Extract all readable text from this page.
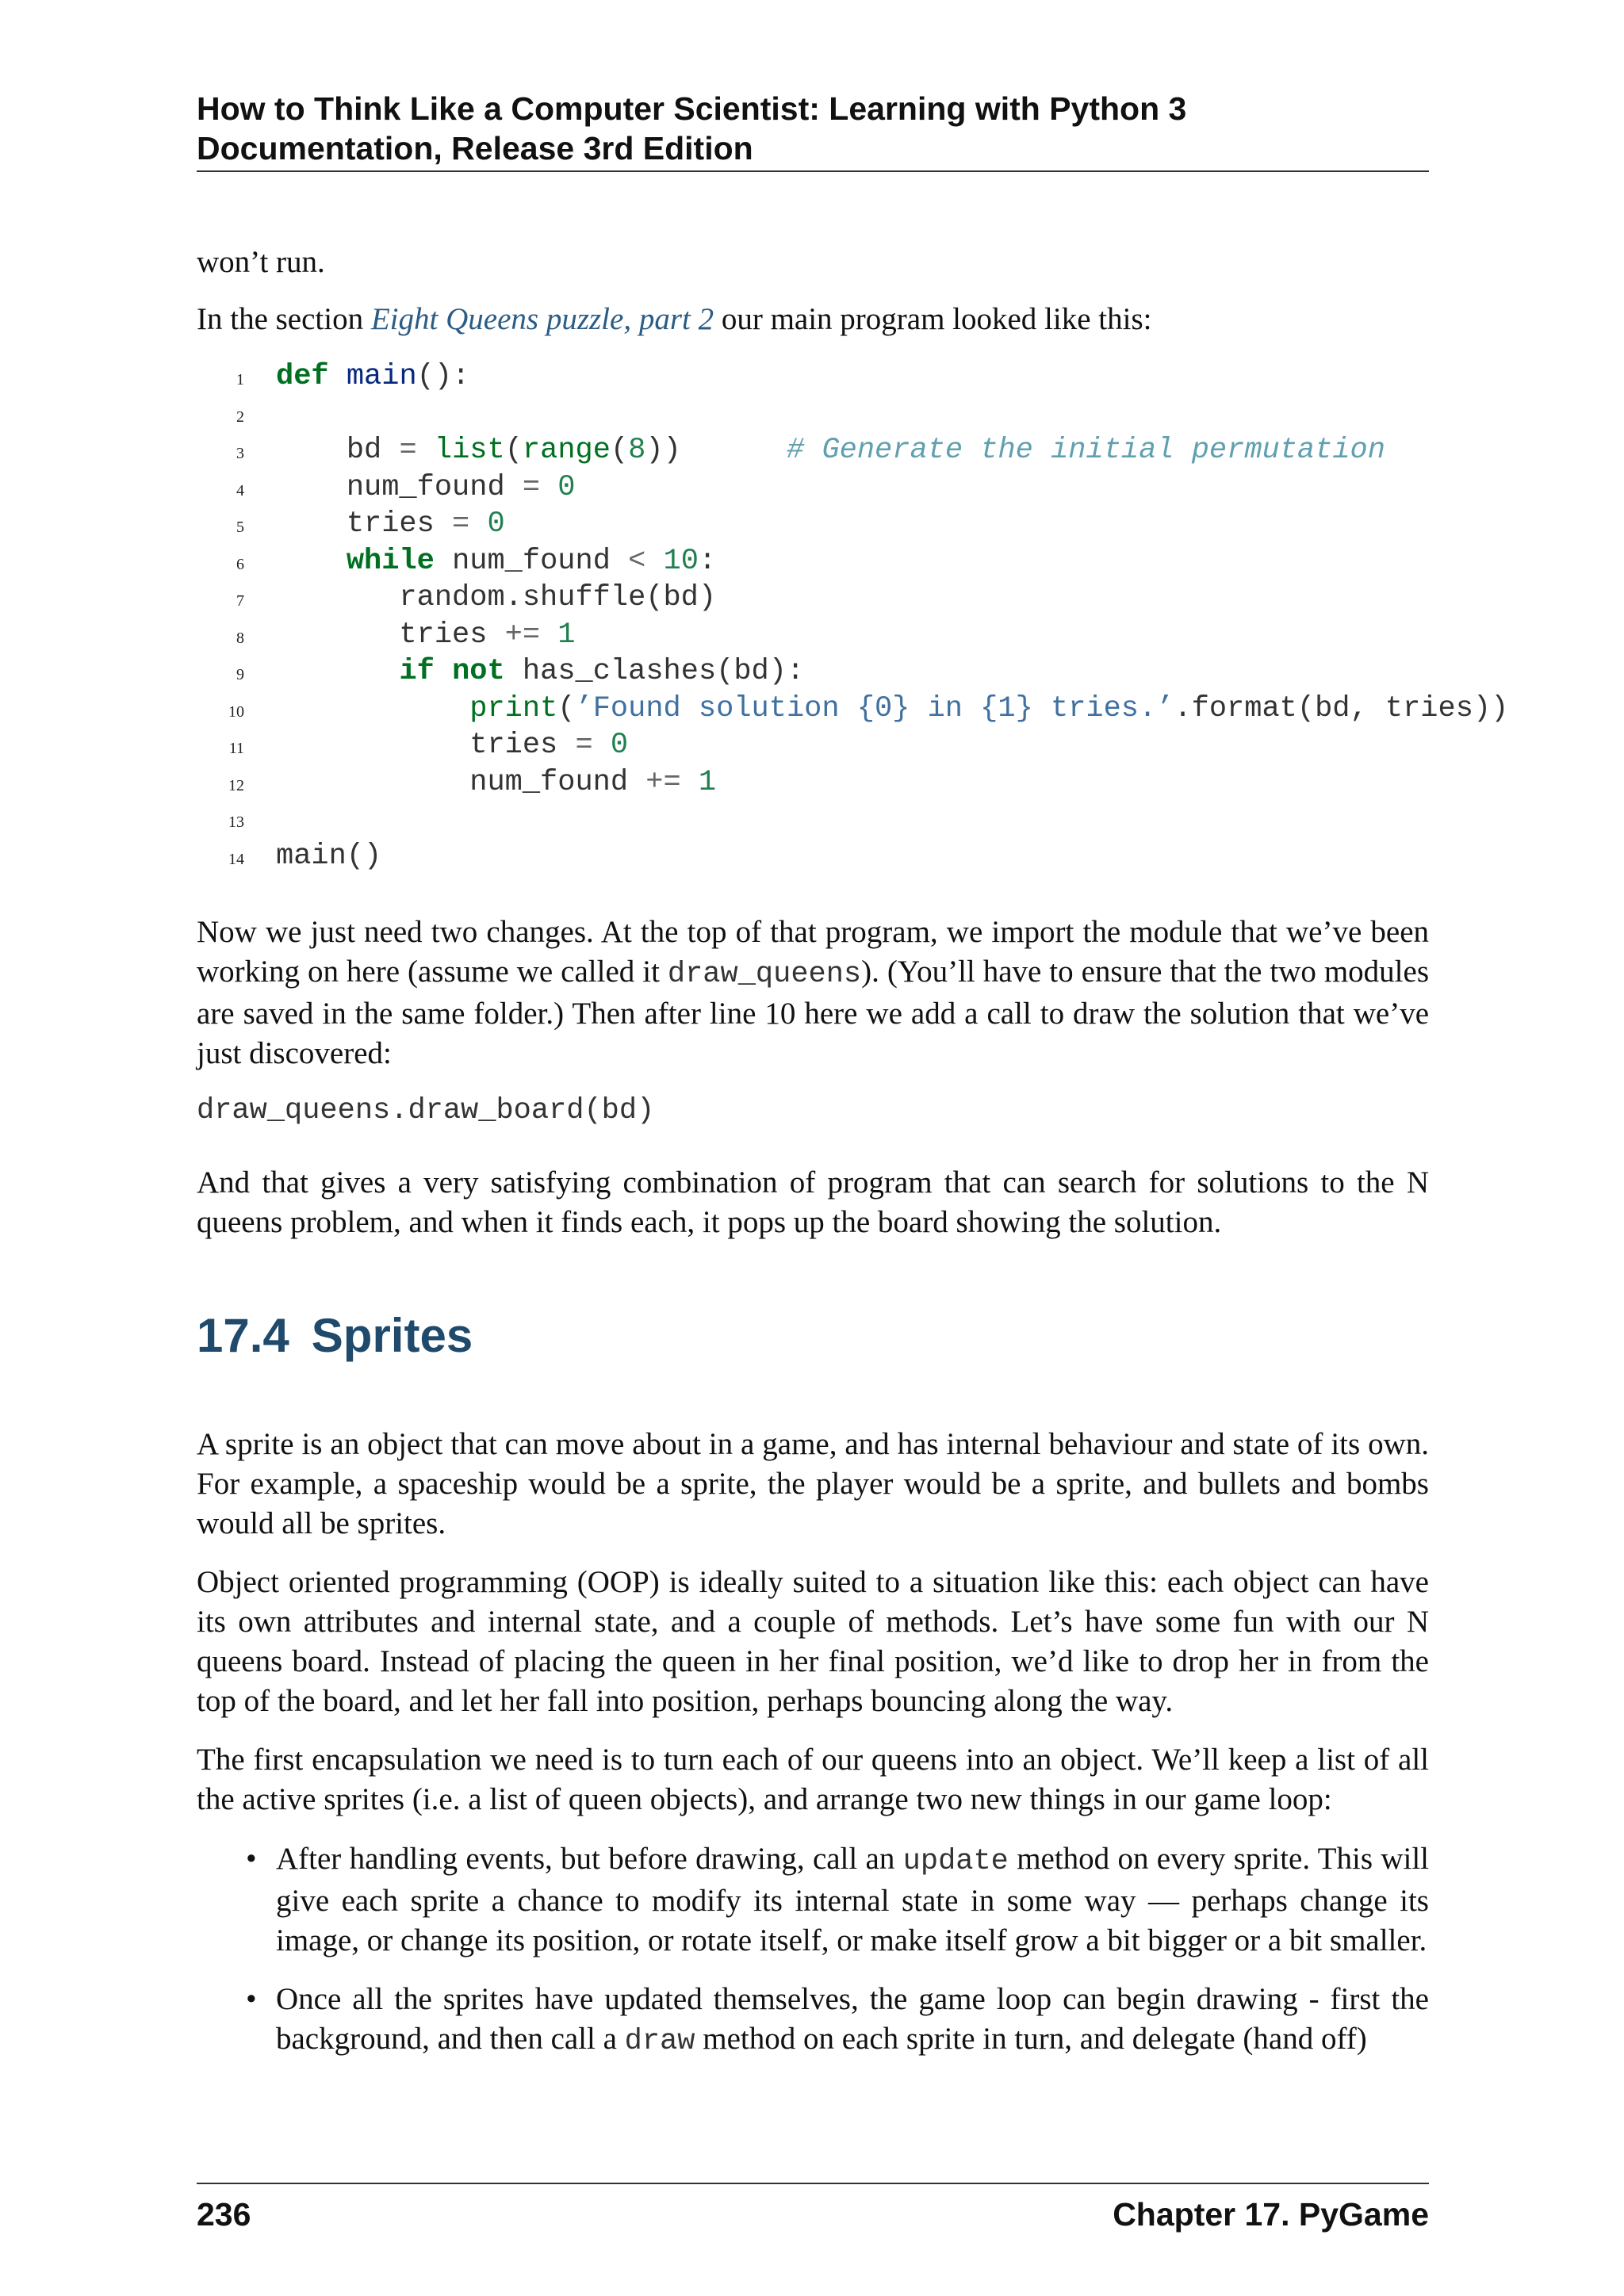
How to Think Like a Computer Scientist: Learning with Python 3
Documentation, Release 3rd Edition

won’t run.

In the section Eight Queens puzzle, part 2 our main program looked like this:

1 def main():
2
3 bd = list(range(8))      # Generate the initial permutation
4 num_found = 0
5 tries = 0
6	while num_found < 10:
7 random.shuffle(bd)
8 tries += 1
9	if not has_clashes(bd):
10	print(’Found solution {0} in {1} tries.’.format(bd, tries))
11 tries = 0
12 num_found += 1
13
14 main()

Now we just need two changes. At the top of that program, we import the module that we’ve been working on here (assume we called it draw_queens). (You’ll have to ensure that the two modules are saved in the same folder.) Then after line 10 here we add a call to draw the solution that we’ve just discovered:

draw_queens.draw_board(bd)

And that gives a very satisfying combination of program that can search for solutions to the N queens problem, and when it finds each, it pops up the board showing the solution.

17.4 Sprites

A sprite is an object that can move about in a game, and has internal behaviour and state of its own. For example, a spaceship would be a sprite, the player would be a sprite, and bullets and bombs would all be sprites.

Object oriented programming (OOP) is ideally suited to a situation like this: each object can have its own attributes and internal state, and a couple of methods. Let’s have some fun with our N queens board. Instead of placing the queen in her final position, we’d like to drop her in from the top of the board, and let her fall into position, perhaps bouncing along the way.

The first encapsulation we need is to turn each of our queens into an object. We’ll keep a list of all the active sprites (i.e. a list of queen objects), and arrange two new things in our game loop:

• After handling events, but before drawing, call an update method on every sprite. This will give each sprite a chance to modify its internal state in some way — perhaps change its image, or change its position, or rotate itself, or make itself grow a bit bigger or a bit smaller.
• Once all the sprites have updated themselves, the game loop can begin drawing - first the background, and then call a draw method on each sprite in turn, and delegate (hand off)
236	Chapter 17. PyGame
